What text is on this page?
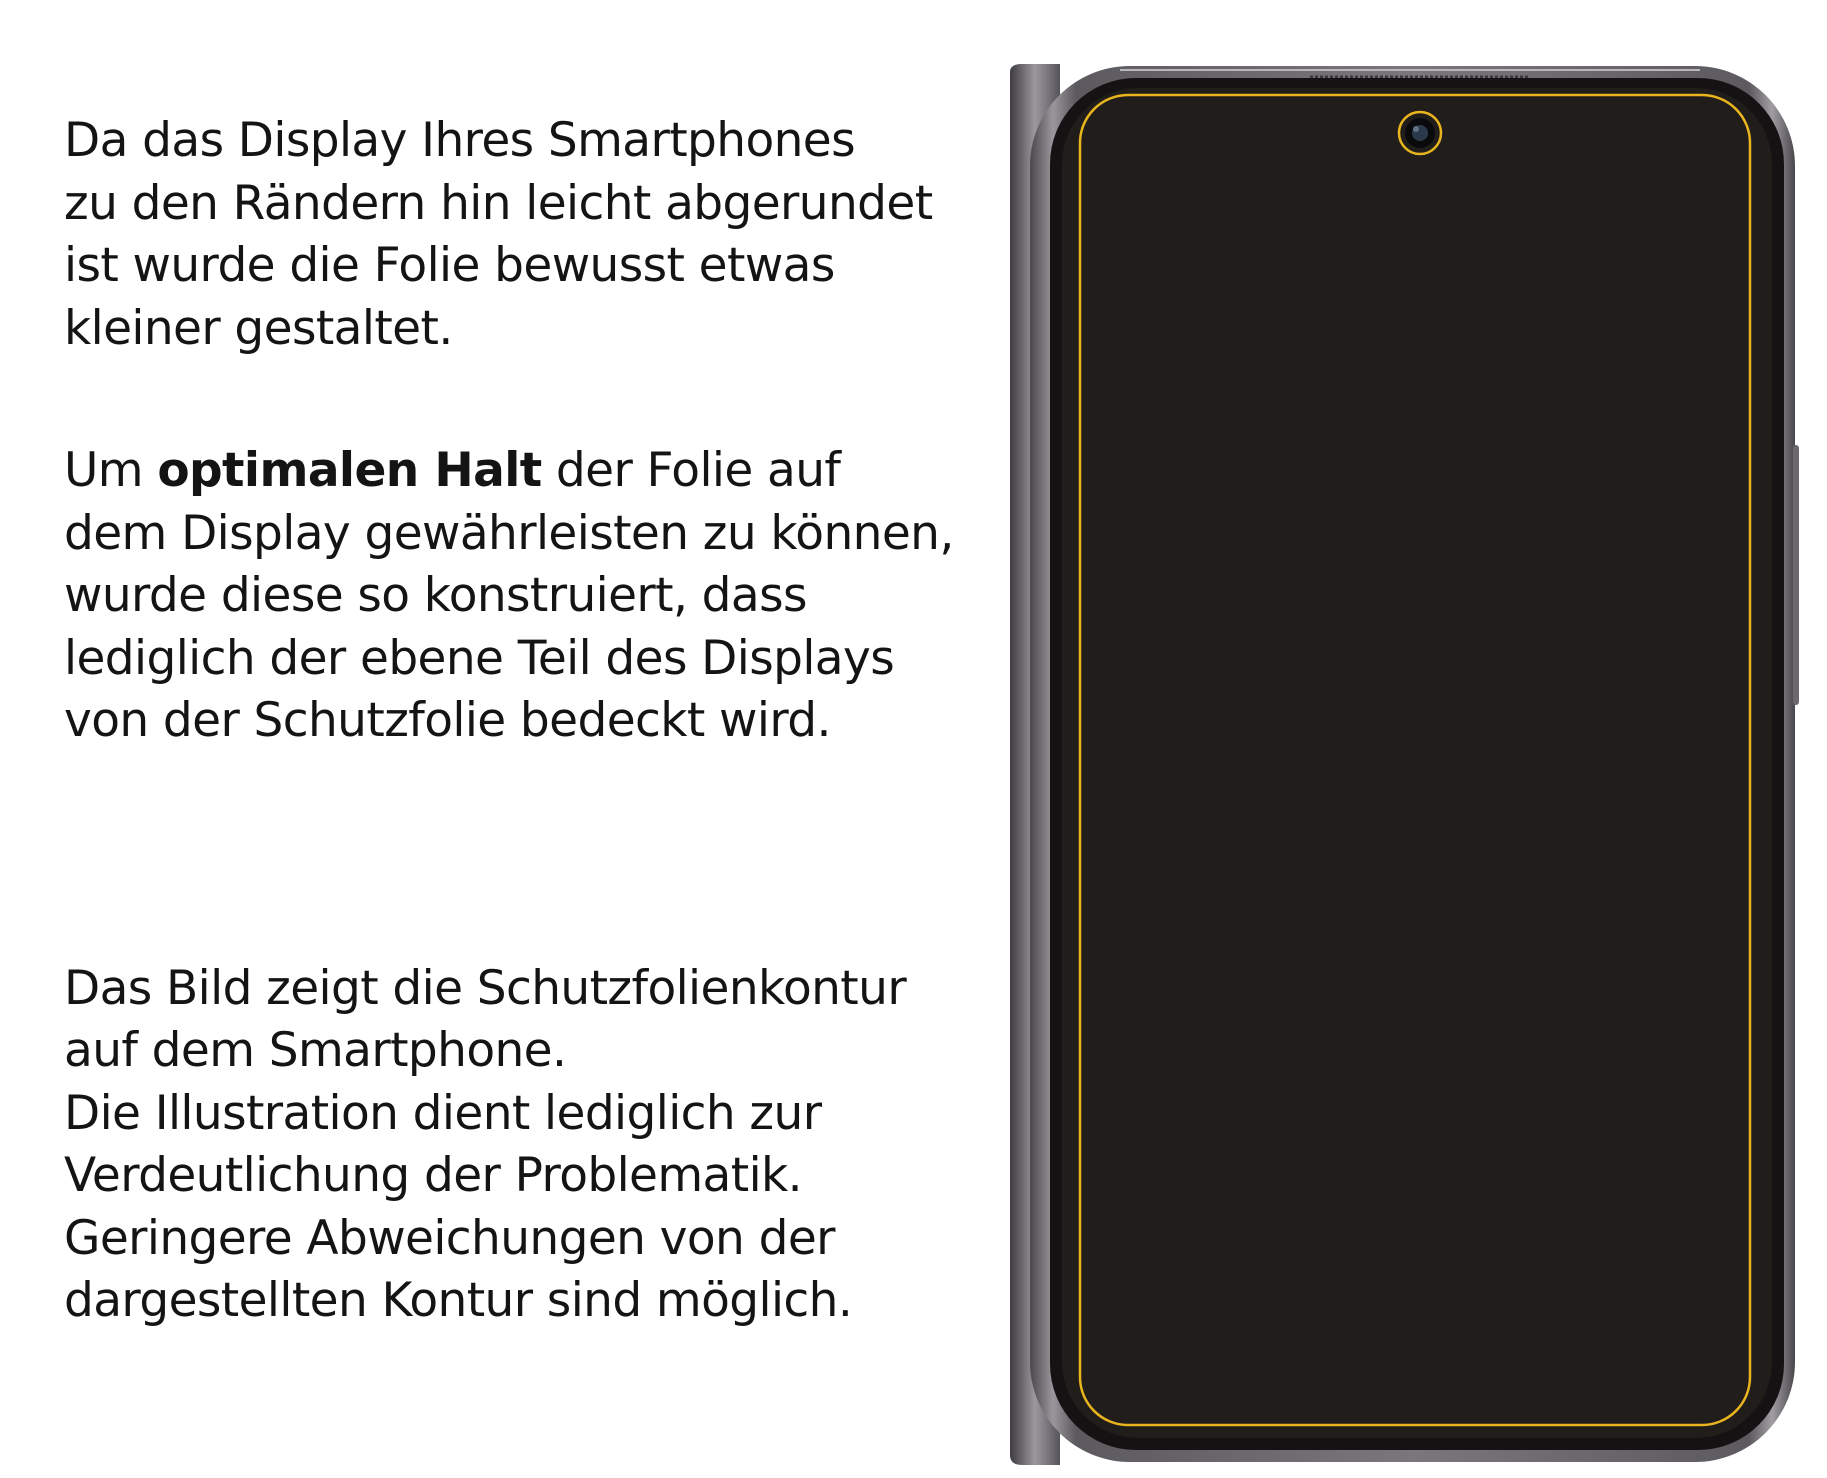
Da das Display Ihres Smartphones
zu den Rändern hin leicht abgerundet
ist wurde die Folie bewusst etwas
kleiner gestaltet.

Um optimalen Halt der Folie auf
dem Display gewährleisten zu können,
wurde diese so konstruiert, dass
lediglich der ebene Teil des Displays
von der Schutzfolie bedeckt wird.

Das Bild zeigt die Schutzfolienkontur
auf dem Smartphone.
Die Illustration dient lediglich zur
Verdeutlichung der Problematik.
Geringere Abweichungen von der
dargestellten Kontur sind möglich.
